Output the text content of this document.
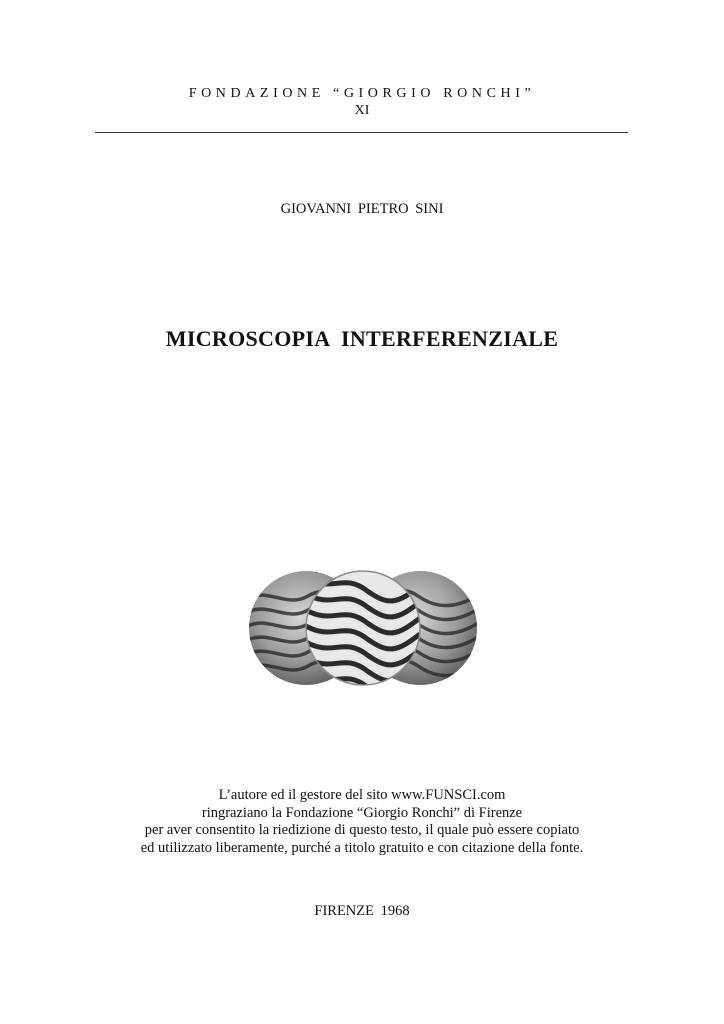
FONDAZIONE “GIORGIO RONCHI”
XI
GIOVANNI PIETRO SINI
MICROSCOPIA INTERFERENZIALE
L’autore ed il gestore del sito www.FUNSCI.com
ringraziano la Fondazione “Giorgio Ronchi” di Firenze
per aver consentito la riedizione di questo testo, il quale può essere copiato
ed utilizzato liberamente, purché a titolo gratuito e con citazione della fonte.
FIRENZE 1968
